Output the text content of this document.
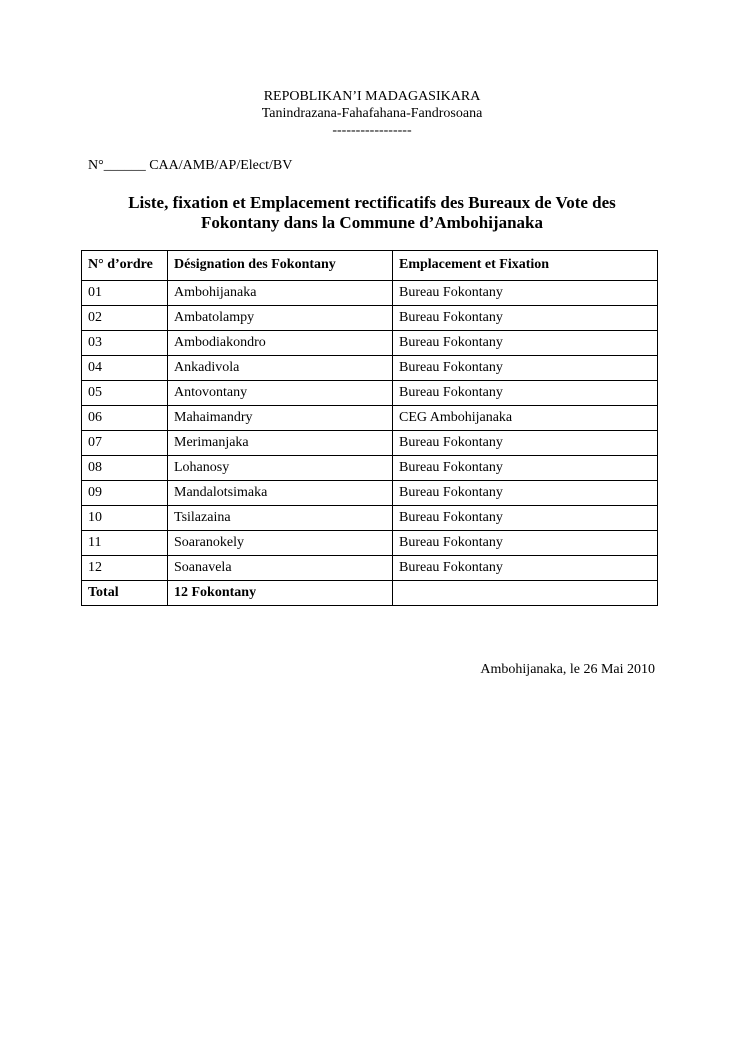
REPOBLIKAN’I MADAGASIKARA
Tanindrazana-Fahafahana-Fandrosoana
-----------------
N°______ CAA/AMB/AP/Elect/BV
Liste, fixation et Emplacement rectificatifs des Bureaux de Vote des Fokontany dans la Commune d’Ambohijanaka
N° d’ordre	Désignation des Fokontany	Emplacement et Fixation
01	Ambohijanaka	Bureau Fokontany
02	Ambatolampy	Bureau Fokontany
03	Ambodiakondro	Bureau Fokontany
04	Ankadivola	Bureau Fokontany
05	Antovontany	Bureau Fokontany
06	Mahaimandry	CEG Ambohijanaka
07	Merimanjaka	Bureau Fokontany
08	Lohanosy	Bureau Fokontany
09	Mandalotsimaka	Bureau Fokontany
10	Tsilazaina	Bureau Fokontany
11	Soaranokely	Bureau Fokontany
12	Soanavela	Bureau Fokontany
Total	12 Fokontany	
Ambohijanaka, le 26 Mai 2010
